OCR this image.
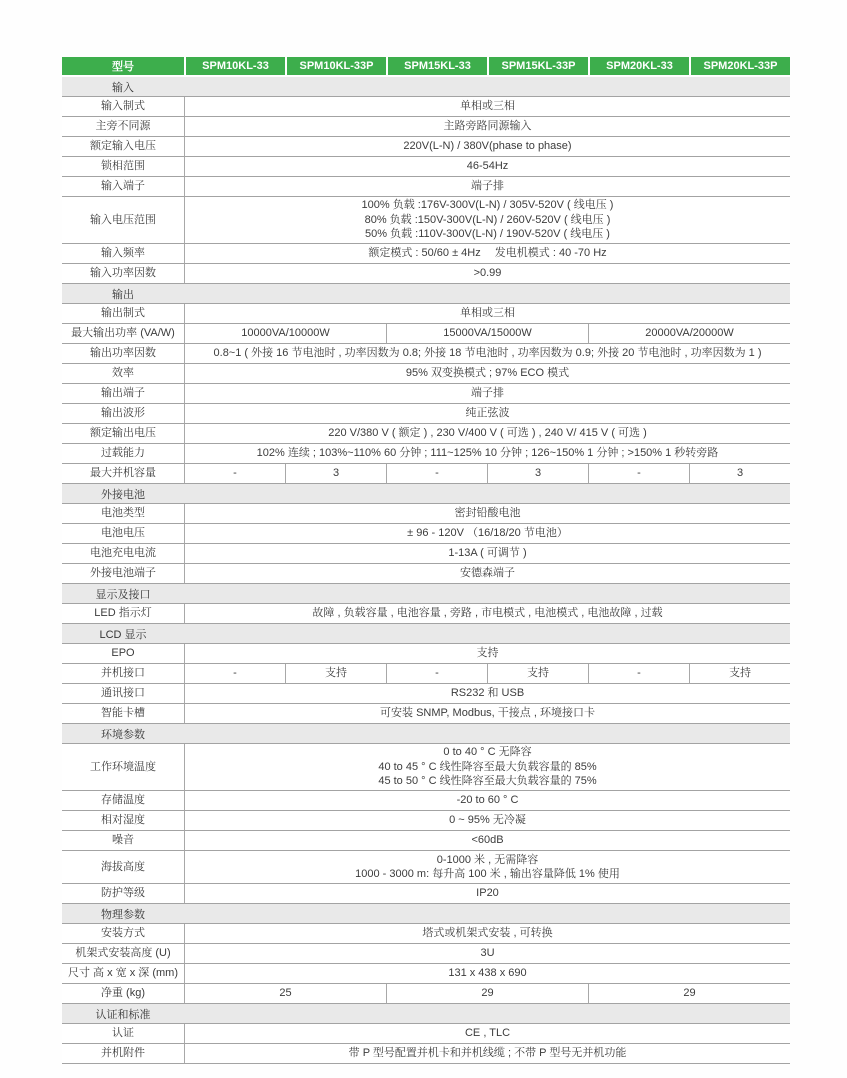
型号	SPM10KL-33	SPM10KL-33P	SPM15KL-33	SPM15KL-33P	SPM20KL-33	SPM20KL-33P
输入						
输入制式	单相或三相					
主旁不同源	主路旁路同源输入					
额定输入电压	220V(L-N) / 380V(phase to phase)					
锁相范围	46-54Hz					
输入端子	端子排					
输入电压范围	100% 负载 :176V-300V(L-N) / 305V-520V ( 线电压 )
80% 负载 :150V-300V(L-N) / 260V-520V ( 线电压 )
50% 负载 :110V-300V(L-N) / 190V-520V ( 线电压 )					

输入频率	额定模式 : 50/60 ± 4Hz　 发电机模式 : 40 -70 Hz					
输入功率因数	>0.99					
输出						
输出制式	单相或三相					
最大输出功率 (VA/W)	10000VA/10000W		15000VA/15000W		20000VA/20000W	
输出功率因数	0.8~1 ( 外接 16 节电池时 , 功率因数为 0.8; 外接 18 节电池时 , 功率因数为 0.9; 外接 20 节电池时 , 功率因数为 1 )					
效率	95% 双变换模式 ; 97% ECO 模式					
输出端子	端子排					
输出波形	纯正弦波					
额定输出电压	220 V/380 V ( 额定 ) , 230 V/400 V ( 可选 ) , 240 V/ 415 V ( 可选 )					
过载能力	102% 连续 ; 103%~110% 60 分钟 ; 111~125% 10 分钟 ; 126~150% 1 分钟 ; >150% 1 秒转旁路					
最大并机容量	-	3	-	3	-	3
外接电池						
电池类型	密封铅酸电池					
电池电压	± 96 - 120V （16/18/20 节电池）					
电池充电电流	1-13A ( 可调节 )					
外接电池端子	安德森端子					
显示及接口						
LED 指示灯	故障 , 负载容量 , 电池容量 , 旁路 , 市电模式 , 电池模式 , 电池故障 , 过载					
LCD 显示						
EPO	支持					
并机接口	-	支持	-	支持	-	支持
通讯接口	RS232 和 USB					
智能卡槽	可安装 SNMP, Modbus, 干接点 , 环境接口卡					
环境参数						
工作环境温度	0 to 40 ° C 无降容
40 to 45 ° C 线性降容至最大负载容量的 85%
45 to 50 ° C 线性降容至最大负载容量的 75%					

存储温度	-20 to 60 ° C					
相对湿度	0 ~ 95% 无冷凝					
噪音	<60dB					
海拔高度	0-1000 米 , 无需降容
1000 - 3000 m: 每升高 100 米 , 输出容量降低 1% 使用					

防护等级	IP20					
物理参数						
安装方式	塔式或机架式安装 , 可转换					
机架式安装高度 (U)	3U					
尺寸 高 x 宽 x 深 (mm)	131 x 438 x 690					
净重 (kg)	25		29		29	
认证和标准						
认证	CE , TLC					
并机附件	带 P 型号配置并机卡和并机线缆 ; 不带 P 型号无并机功能					
